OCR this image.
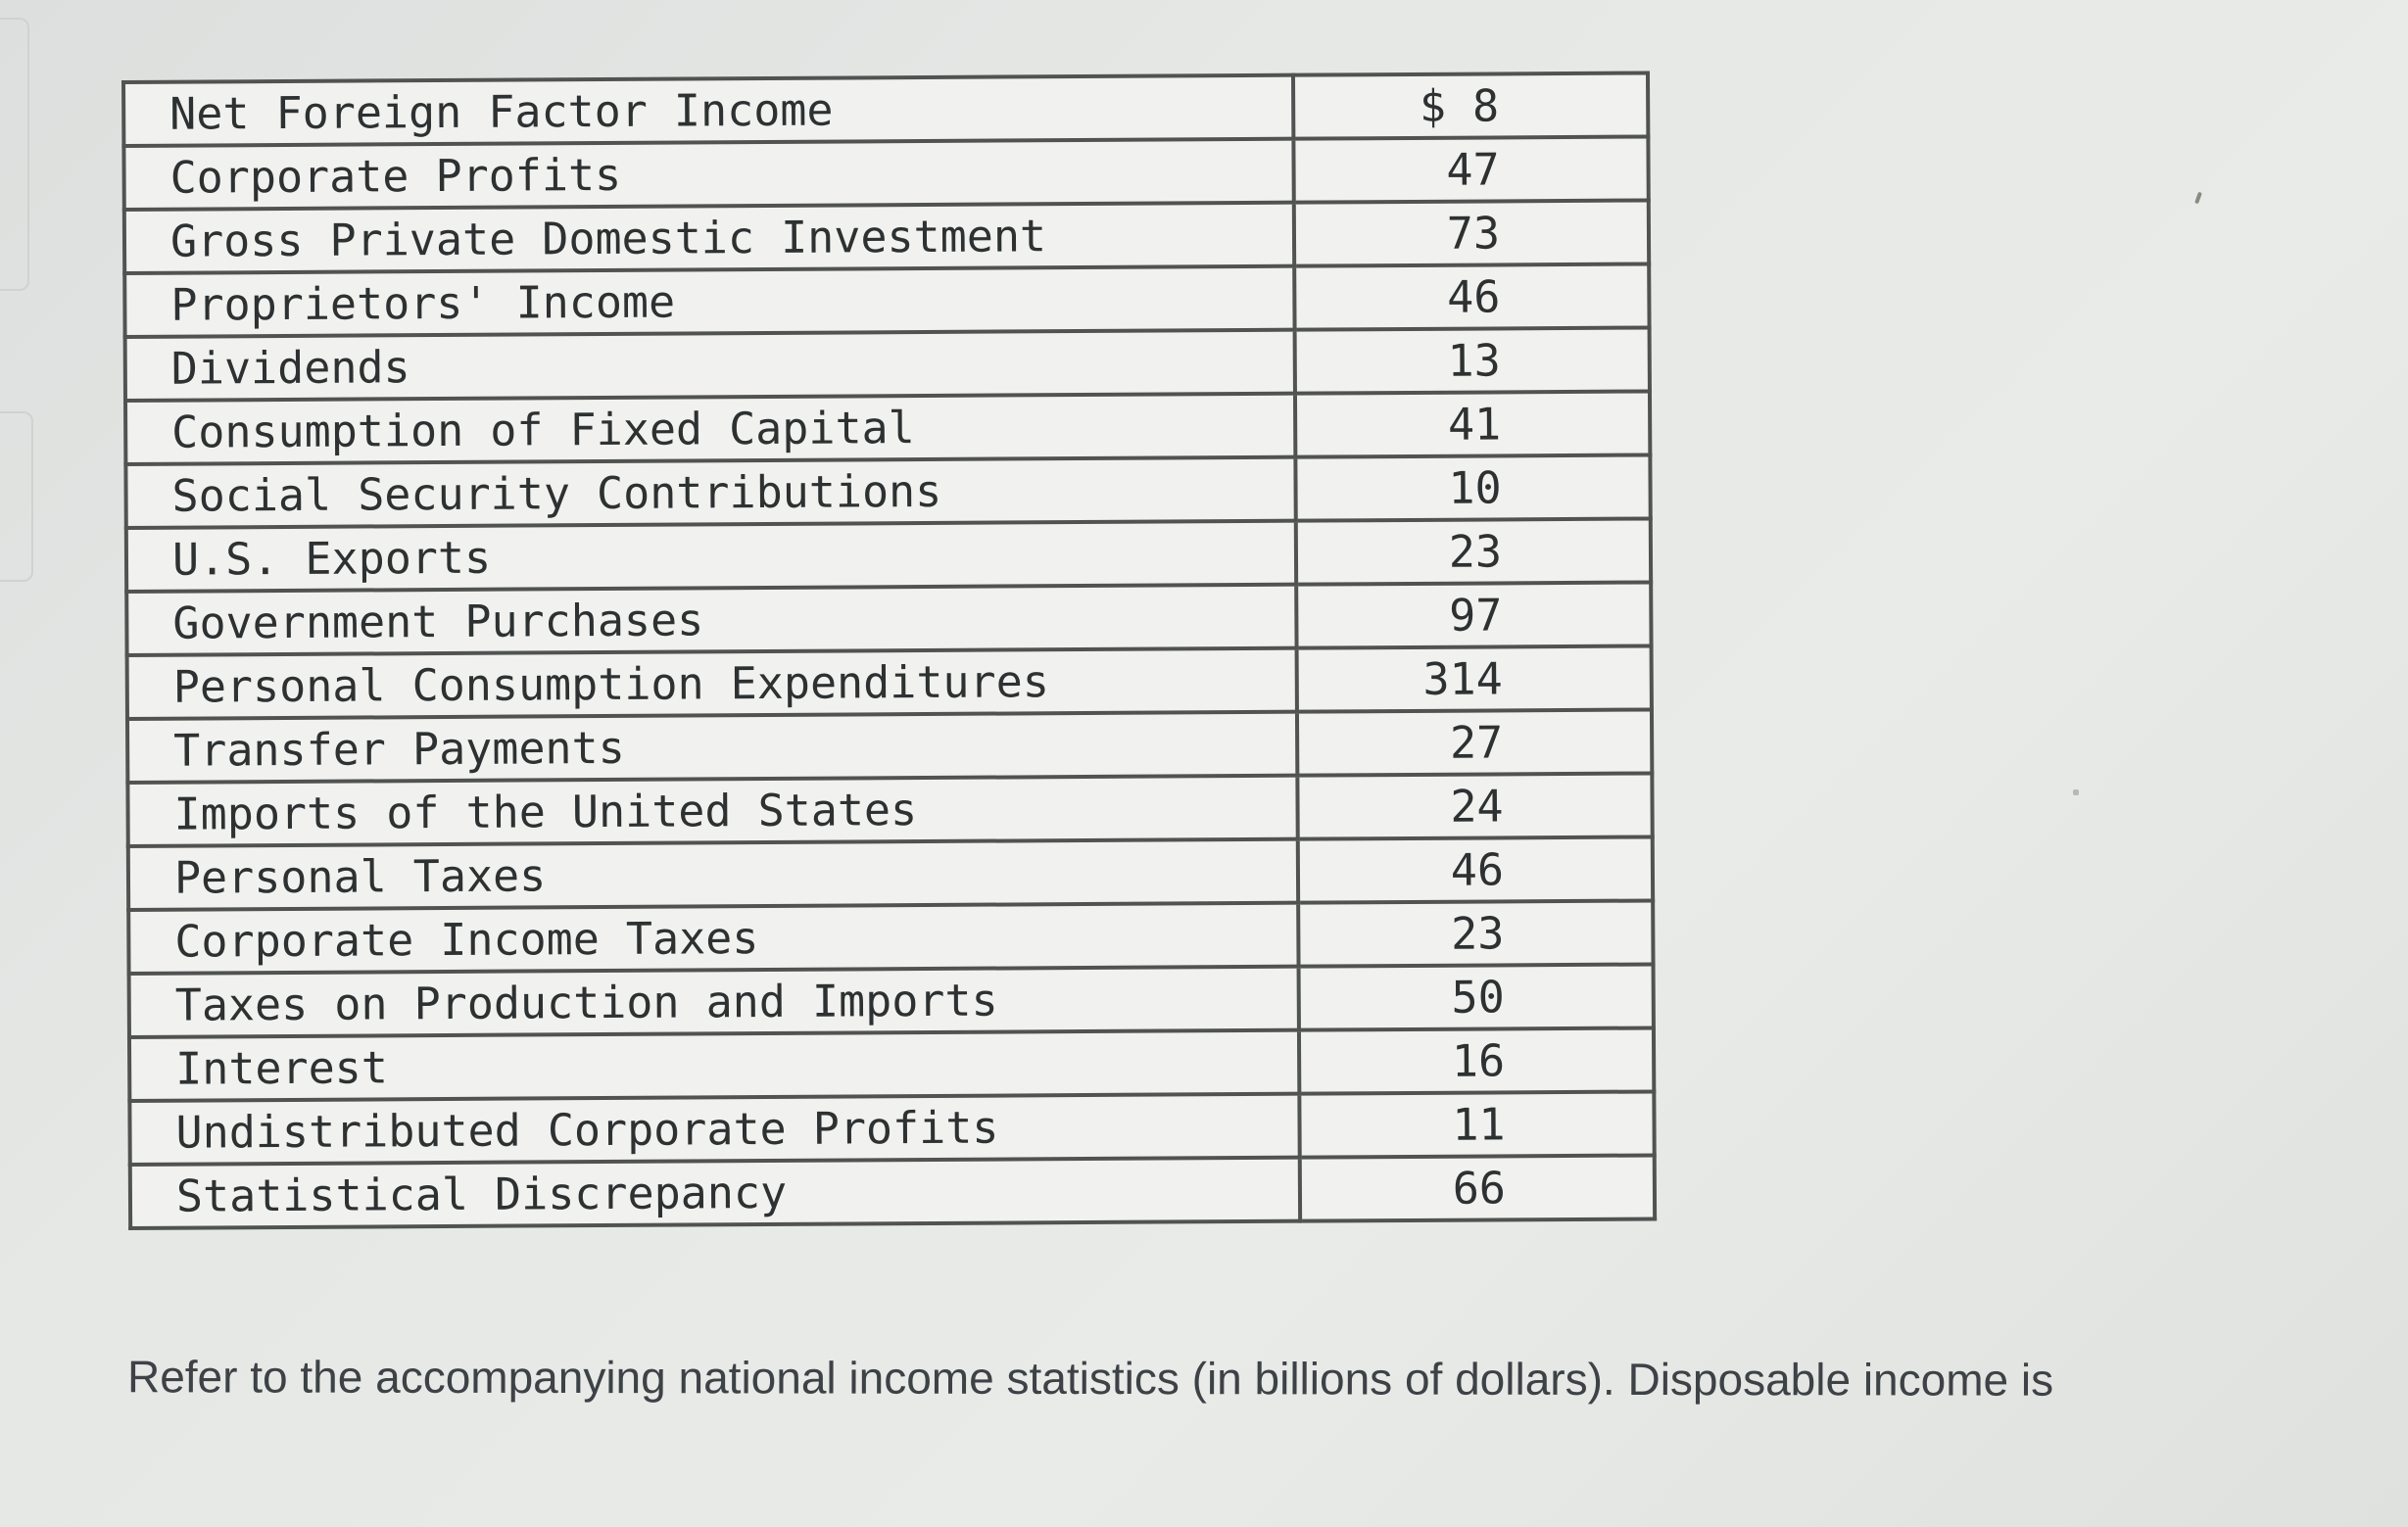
Net Foreign Factor Income	$ 8
Corporate Profits	47
Gross Private Domestic Investment	73
Proprietors' Income	46
Dividends	13
Consumption of Fixed Capital	41
Social Security Contributions	10
U.S. Exports	23
Government Purchases	97
Personal Consumption Expenditures	314
Transfer Payments	27
Imports of the United States	24
Personal Taxes	46
Corporate Income Taxes	23
Taxes on Production and Imports	50
Interest	16
Undistributed Corporate Profits	11
Statistical Discrepancy	66
Refer to the accompanying national income statistics (in billions of dollars). Disposable income is
